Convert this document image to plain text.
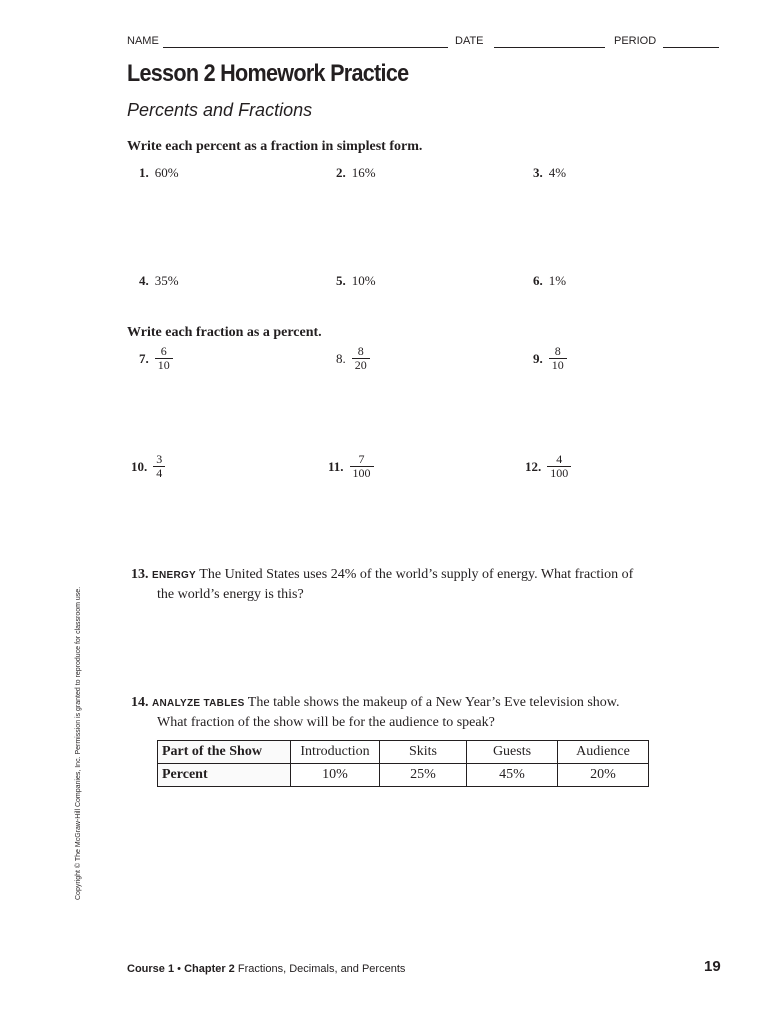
NAME	DATE	PERIOD
Lesson 2 Homework Practice
Percents and Fractions
Write each percent as a fraction in simplest form.
1. 60%	2. 16%	3. 4%
4. 35%	5. 10%	6. 1%
Write each fraction as a percent.
7. $\frac{6}{10}$	8. $\frac{8}{20}$	9. $\frac{8}{10}$
10. $\frac{3}{4}$	11. $\frac{7}{100}$	12. $\frac{4}{100}$
13. ENERGY The United States uses 24% of the world’s supply of energy. What fraction of
the world’s energy is this?
14. ANALYZE TABLES The table shows the makeup of a New Year’s Eve television show.
What fraction of the show will be for the audience to speak?
Part of the Show	Introduction	Skits	Guests	Audience
Percent	10%	25%	45%	20%
Copyright © The McGraw-Hill Companies, Inc. Permission is granted to reproduce for classroom use.
Course 1 • Chapter 2 Fractions, Decimals, and Percents	19
